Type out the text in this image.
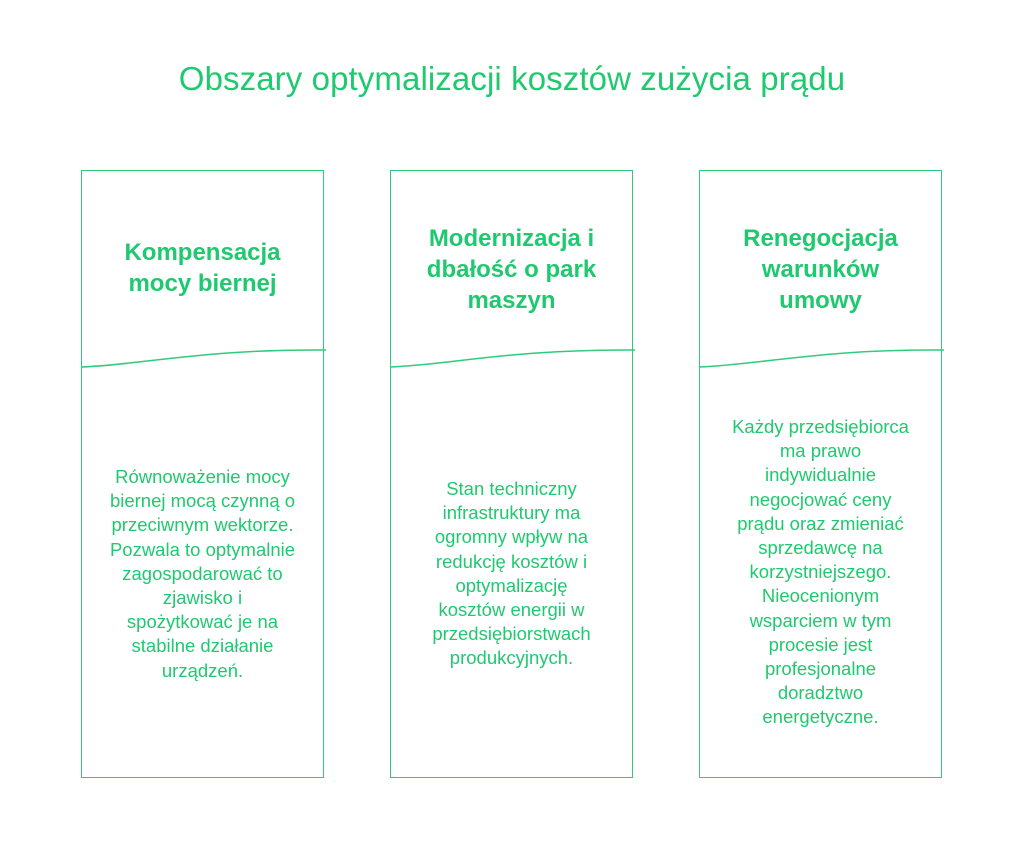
Obszary optymalizacji kosztów zużycia prądu
Kompensacja
mocy biernej
Równoważenie mocy
biernej mocą czynną o
przeciwnym wektorze.
Pozwala to optymalnie
zagospodarować to
zjawisko i
spożytkować je na
stabilne działanie
urządzeń.
Modernizacja i
dbałość o park
maszyn
Stan techniczny
infrastruktury ma
ogromny wpływ na
redukcję kosztów i
optymalizację
kosztów energii w
przedsiębiorstwach
produkcyjnych.
Renegocjacja
warunków
umowy
Każdy przedsiębiorca
ma prawo
indywidualnie
negocjować ceny
prądu oraz zmieniać
sprzedawcę na
korzystniejszego.
Nieocenionym
wsparciem w tym
procesie jest
profesjonalne
doradztwo
energetyczne.
